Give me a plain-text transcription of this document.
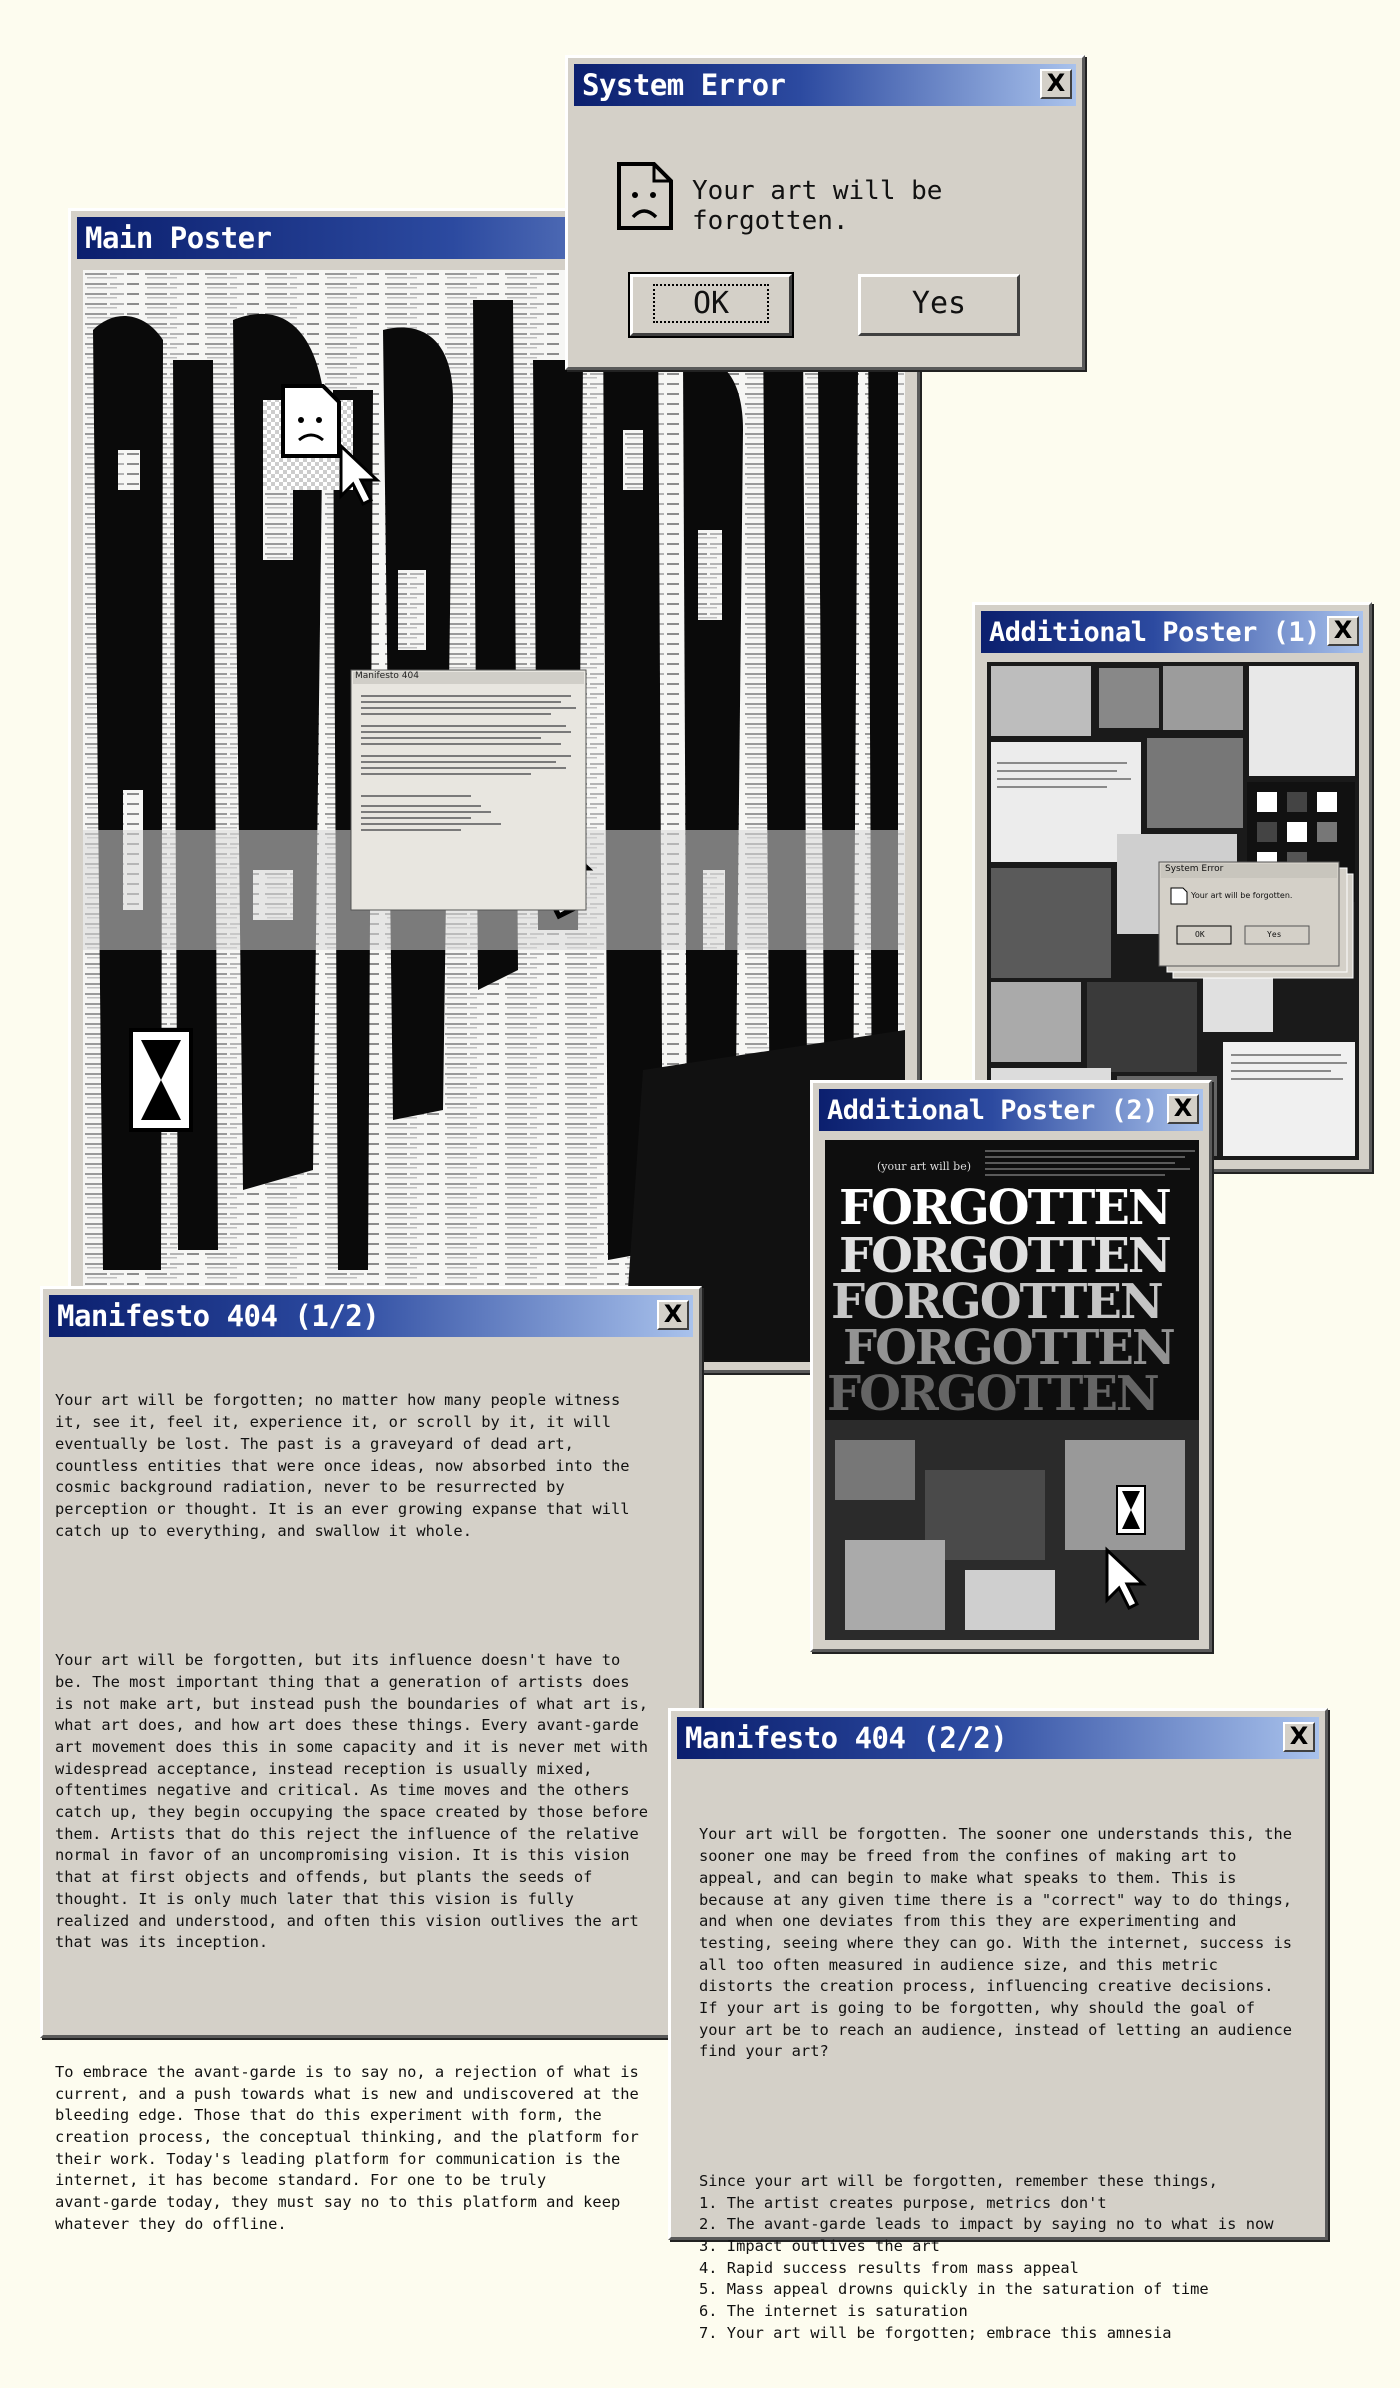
Main Poster
Manifesto 404
System Error	X
Your art will be forgotten.
OK	Yes
Additional Poster (1) X
System Error
Your art will be forgotten.
OK	Yes
Additional Poster (2) X
(your art will be)
FORGOTTEN
FORGOTTEN
FORGOTTEN
FORGOTTEN
FORGOTTEN
Manifesto 404 (1/2)	X

Your art will be forgotten; no matter how many people witness
it, see it, feel it, experience it, or scroll by it, it will
eventually be lost. The past is a graveyard of dead art,
countless entities that were once ideas, now absorbed into the
cosmic background radiation, never to be resurrected by
perception or thought. It is an ever growing expanse that will
catch up to everything, and swallow it whole.

Your art will be forgotten, but its influence doesn't have to
be. The most important thing that a generation of artists does
is not make art, but instead push the boundaries of what art is,
what art does, and how art does these things. Every avant-garde
art movement does this in some capacity and it is never met with
widespread acceptance, instead reception is usually mixed,
oftentimes negative and critical. As time moves and the others
catch up, they begin occupying the space created by those before
them. Artists that do this reject the influence of the relative
normal in favor of an uncompromising vision. It is this vision
that at first objects and offends, but plants the seeds of
thought. It is only much later that this vision is fully
realized and understood, and often this vision outlives the art
that was its inception.

To embrace the avant-garde is to say no, a rejection of what is
current, and a push towards what is new and undiscovered at the
bleeding edge. Those that do this experiment with form, the
creation process, the conceptual thinking, and the platform for
their work. Today's leading platform for communication is the
internet, it has become standard. For one to be truly
avant-garde today, they must say no to this platform and keep
whatever they do offline.

Manifesto 404 (2/2)	X

Your art will be forgotten. The sooner one understands this, the
sooner one may be freed from the confines of making art to
appeal, and can begin to make what speaks to them. This is
because at any given time there is a "correct" way to do things,
and when one deviates from this they are experimenting and
testing, seeing where they can go. With the internet, success is
all too often measured in audience size, and this metric
distorts the creation process, influencing creative decisions.
If your art is going to be forgotten, why should the goal of
your art be to reach an audience, instead of letting an audience
find your art?

Since your art will be forgotten, remember these things,
1. The artist creates purpose, metrics don't
2. The avant-garde leads to impact by saying no to what is now
3. Impact outlives the art
4. Rapid success results from mass appeal
5. Mass appeal drowns quickly in the saturation of time
6. The internet is saturation
7. Your art will be forgotten; embrace this amnesia
